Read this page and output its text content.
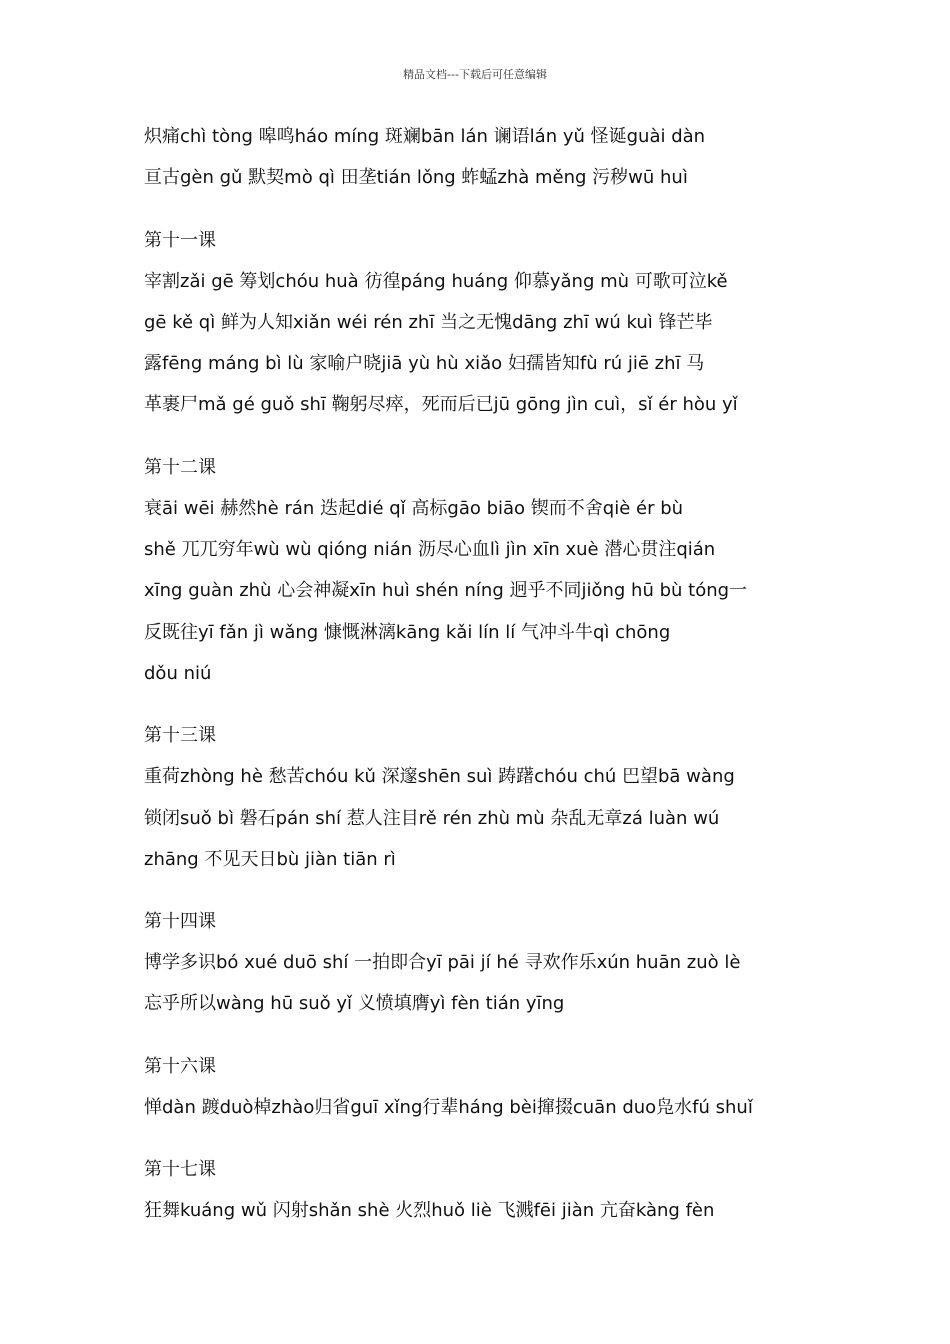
精品文档---下载后可任意编辑
炽痛chì tòng 嗥鸣háo míng 斑斓bān lán 谰语lán yǔ 怪诞guài dàn
亘古gèn gǔ 默契mò qì 田垄tián lǒng 蚱蜢zhà měng 污秽wū huì
第十一课
宰割zǎi gē 筹划chóu huà 彷徨páng huáng 仰慕yǎng mù 可歌可泣kě
gē kě qì 鲜为人知xiǎn wéi rén zhī 当之无愧dāng zhī wú kuì 锋芒毕
露fēng máng bì lù 家喻户晓jiā yù hù xiǎo 妇孺皆知fù rú jiē zhī 马
革裹尸mǎ gé guǒ shī 鞠躬尽瘁，死而后已jū gōng jìn cuì，sǐ ér hòu yǐ
第十二课
衰āi wēi 赫然hè rán 迭起dié qǐ 高标gāo biāo 锲而不舍qiè ér bù
shě 兀兀穷年wù wù qióng nián 沥尽心血lì jìn xīn xuè 潜心贯注qián
xīng guàn zhù 心会神凝xīn huì shén níng 迥乎不同jiǒng hū bù tóng一
反既往yī fǎn jì wǎng 慷慨淋漓kāng kǎi lín lí 气冲斗牛qì chōng
dǒu niú
第十三课
重荷zhòng hè 愁苦chóu kǔ 深邃shēn suì 踌躇chóu chú 巴望bā wàng
锁闭suǒ bì 磐石pán shí 惹人注目rě rén zhù mù 杂乱无章zá luàn wú
zhāng 不见天日bù jiàn tiān rì
第十四课
博学多识bó xué duō shí 一拍即合yī pāi jí hé 寻欢作乐xún huān zuò lè
忘乎所以wàng hū suǒ yǐ 义愤填膺yì fèn tián yīng
第十六课
惮dàn 踱duò棹zhào归省guī xǐng行辈háng bèi撺掇cuān duo凫水fú shuǐ
第十七课
狂舞kuáng wǔ 闪射shǎn shè 火烈huǒ liè 飞溅fēi jiàn 亢奋kàng fèn
